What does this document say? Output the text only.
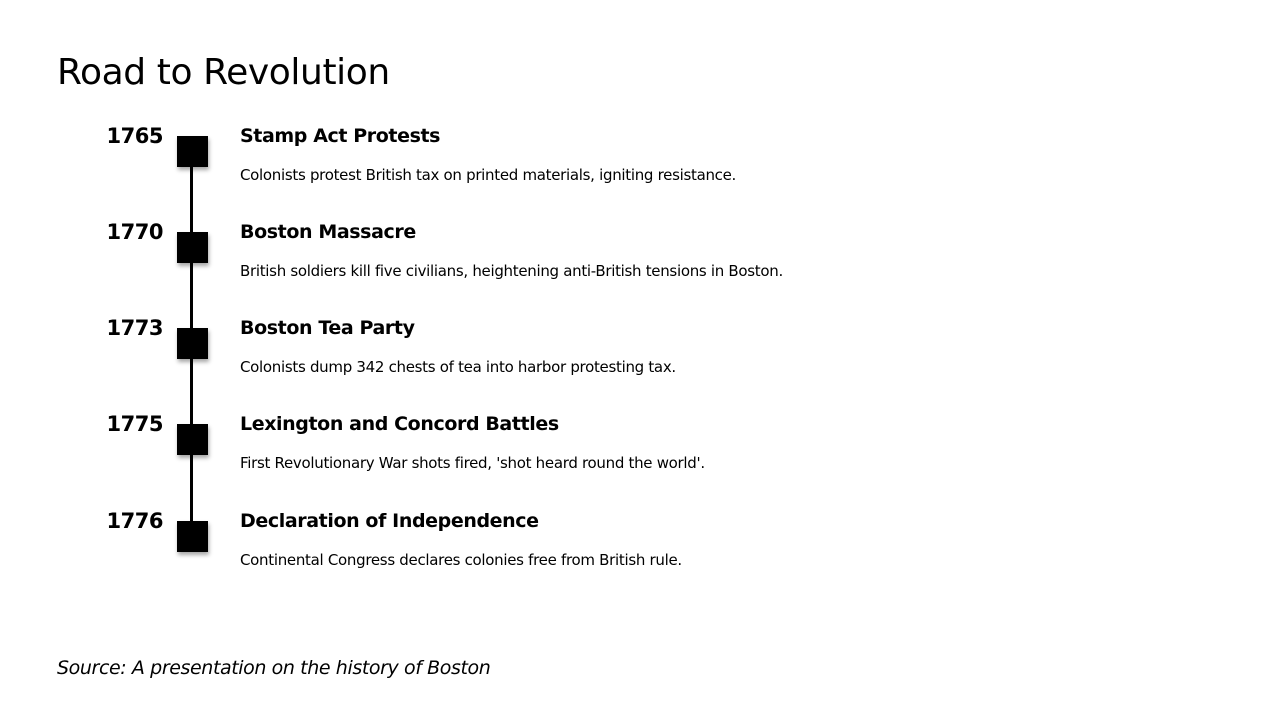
Road to Revolution
1765	Stamp Act Protests
Colonists protest British tax on printed materials, igniting resistance.
1770	Boston Massacre
British soldiers kill five civilians, heightening anti-British tensions in Boston.
1773	Boston Tea Party
Colonists dump 342 chests of tea into harbor protesting tax.
1775	Lexington and Concord Battles
First Revolutionary War shots fired, 'shot heard round the world'.
1776	Declaration of Independence
Continental Congress declares colonies free from British rule.
Source: A presentation on the history of Boston
